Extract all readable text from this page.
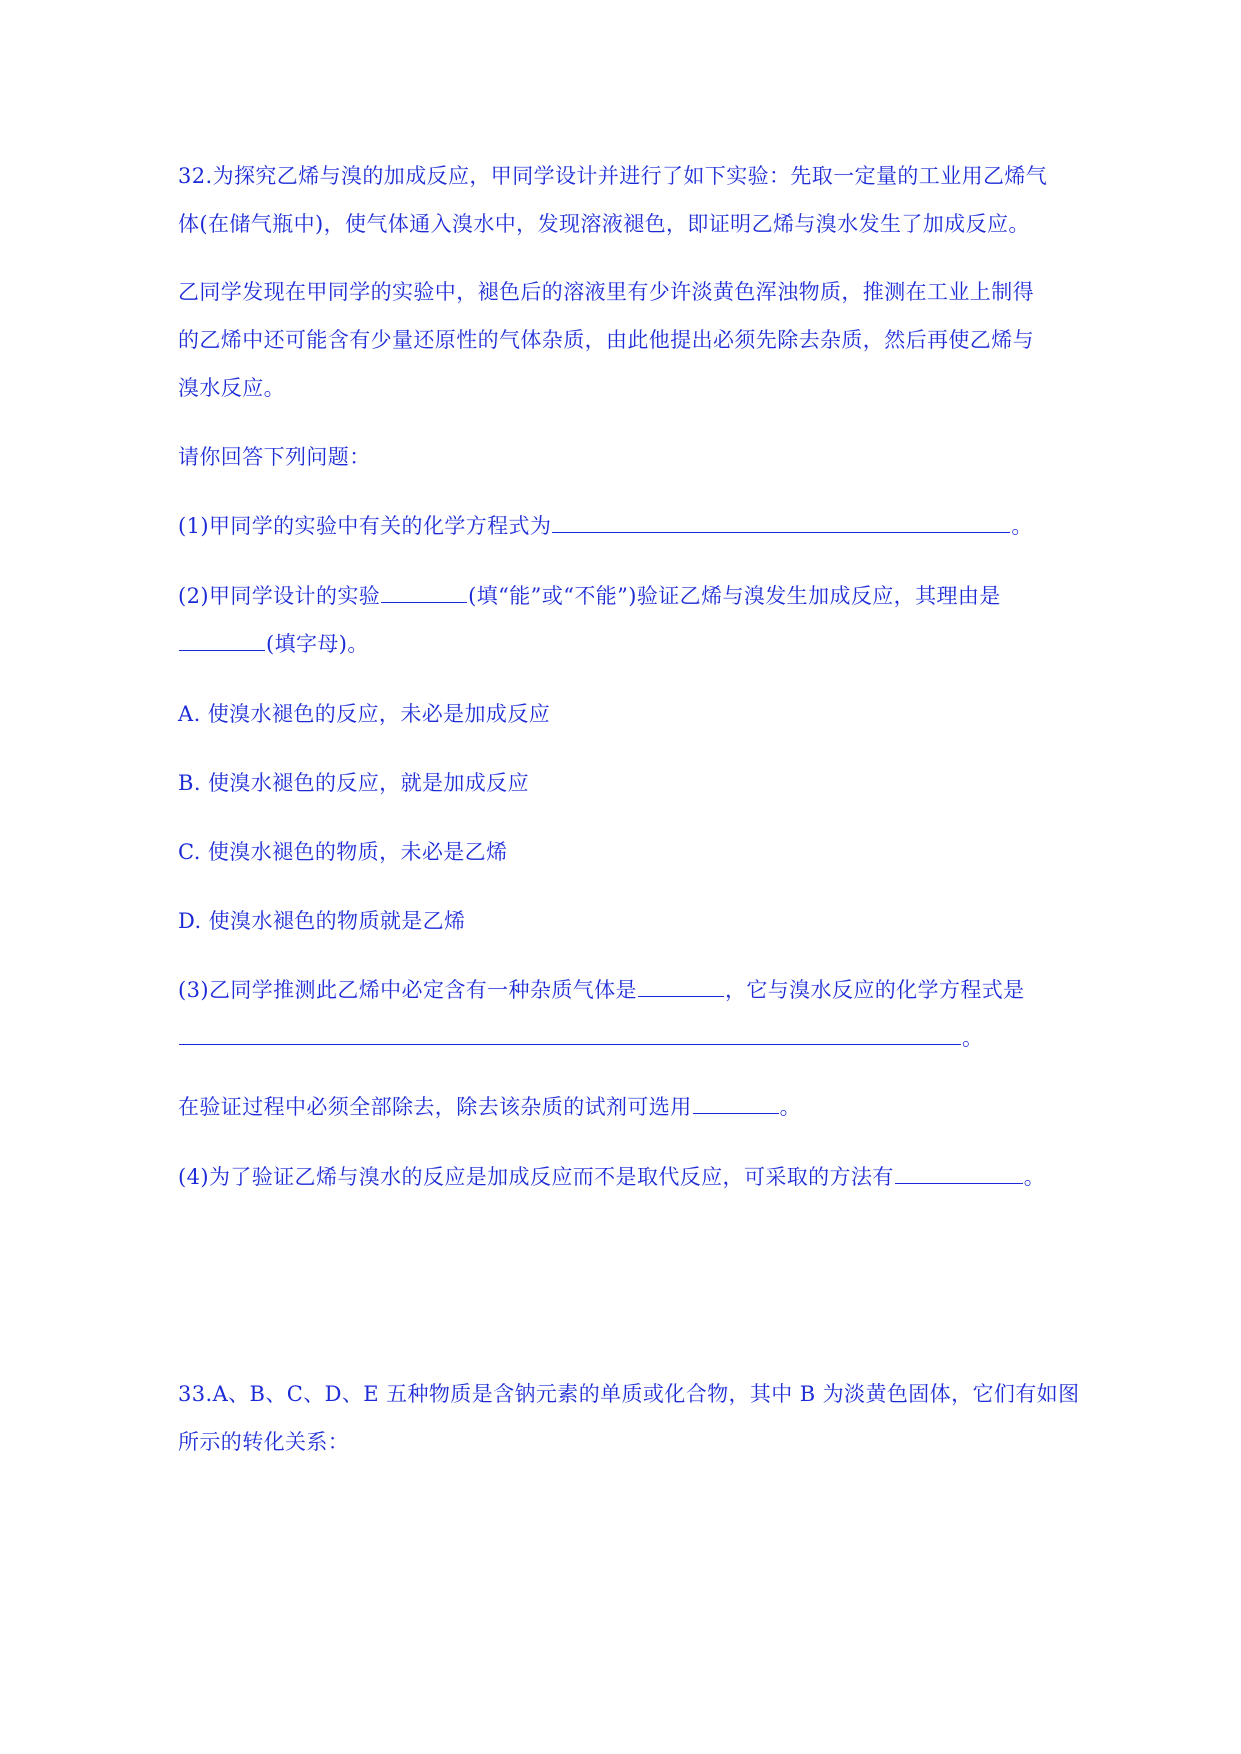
32.为探究乙烯与溴的加成反应，甲同学设计并进行了如下实验：先取一定量的工业用乙烯气
体(在储气瓶中)，使气体通入溴水中，发现溶液褪色，即证明乙烯与溴水发生了加成反应。
乙同学发现在甲同学的实验中，褪色后的溶液里有少许淡黄色浑浊物质，推测在工业上制得
的乙烯中还可能含有少量还原性的气体杂质，由此他提出必须先除去杂质，然后再使乙烯与
溴水反应。
请你回答下列问题：
(1)甲同学的实验中有关的化学方程式为	。
(2)甲同学设计的实验	(填“能”或“不能”)验证乙烯与溴发生加成反应，其理由是
(填字母)。
A. 使溴水褪色的反应，未必是加成反应
B. 使溴水褪色的反应，就是加成反应
C. 使溴水褪色的物质，未必是乙烯
D. 使溴水褪色的物质就是乙烯
(3)乙同学推测此乙烯中必定含有一种杂质气体是	，它与溴水反应的化学方程式是
。
在验证过程中必须全部除去，除去该杂质的试剂可选用	。
(4)为了验证乙烯与溴水的反应是加成反应而不是取代反应，可采取的方法有	。
33.A、B、C、D、E 五种物质是含钠元素的单质或化合物，其中 B 为淡黄色固体，它们有如图
所示的转化关系：
